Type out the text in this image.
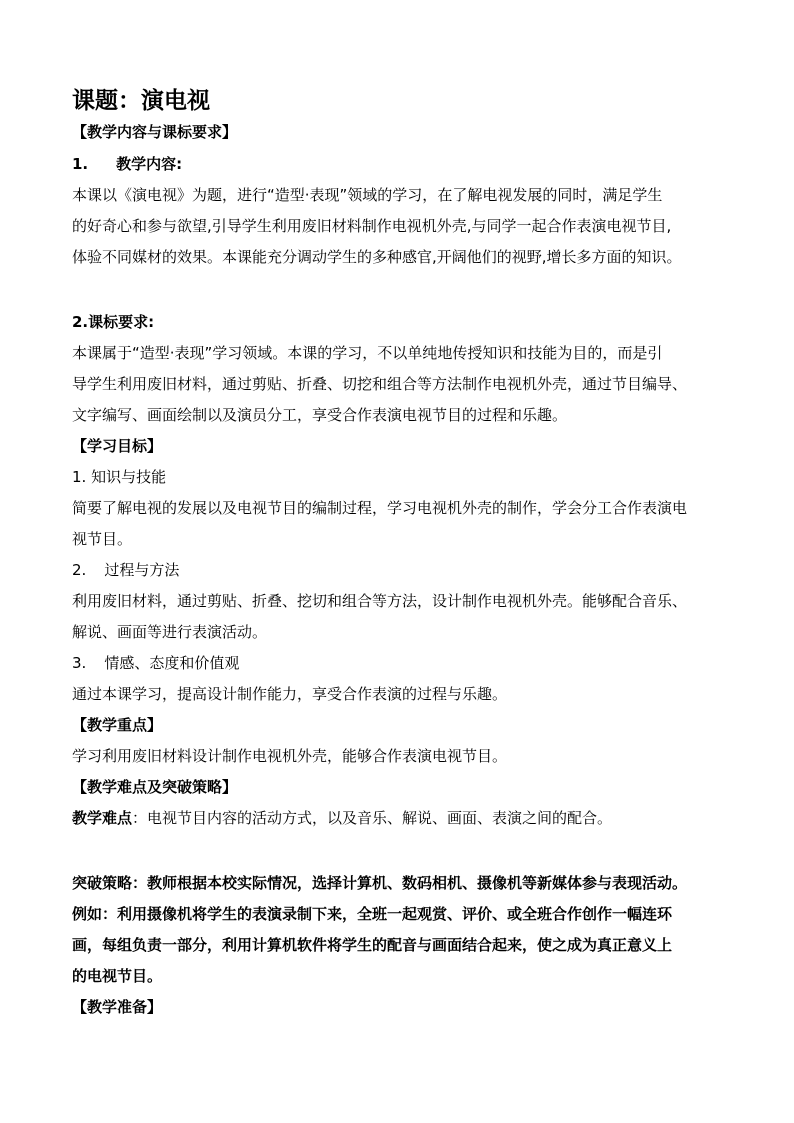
课题：演电视
【教学内容与课标要求】
1. 教学内容:
本课以《演电视》为题，进行“造型·表现”领域的学习，在了解电视发展的同时，满足学生
的好奇心和参与欲望,引导学生利用废旧材料制作电视机外壳,与同学一起合作表演电视节目,
体验不同媒材的效果。本课能充分调动学生的多种感官,开阔他们的视野,增长多方面的知识。
2.课标要求:
本课属于“造型·表现”学习领域。本课的学习，不以单纯地传授知识和技能为目的，而是引
导学生利用废旧材料，通过剪贴、折叠、切挖和组合等方法制作电视机外壳，通过节目编导、
文字编写、画面绘制以及演员分工，享受合作表演电视节目的过程和乐趣。
【学习目标】
1. 知识与技能
简要了解电视的发展以及电视节目的编制过程，学习电视机外壳的制作，学会分工合作表演电
视节目。
2. 过程与方法
利用废旧材料，通过剪贴、折叠、挖切和组合等方法，设计制作电视机外壳。能够配合音乐、
解说、画面等进行表演活动。
3. 情感、态度和价值观
通过本课学习，提高设计制作能力，享受合作表演的过程与乐趣。
【教学重点】
学习利用废旧材料设计制作电视机外壳，能够合作表演电视节目。
【教学难点及突破策略】
教学难点：电视节目内容的活动方式，以及音乐、解说、画面、表演之间的配合。
突破策略：教师根据本校实际情况，选择计算机、数码相机、摄像机等新媒体参与表现活动。
例如：利用摄像机将学生的表演录制下来，全班一起观赏、评价、或全班合作创作一幅连环
画，每组负责一部分，利用计算机软件将学生的配音与画面结合起来，使之成为真正意义上
的电视节目。
【教学准备】
